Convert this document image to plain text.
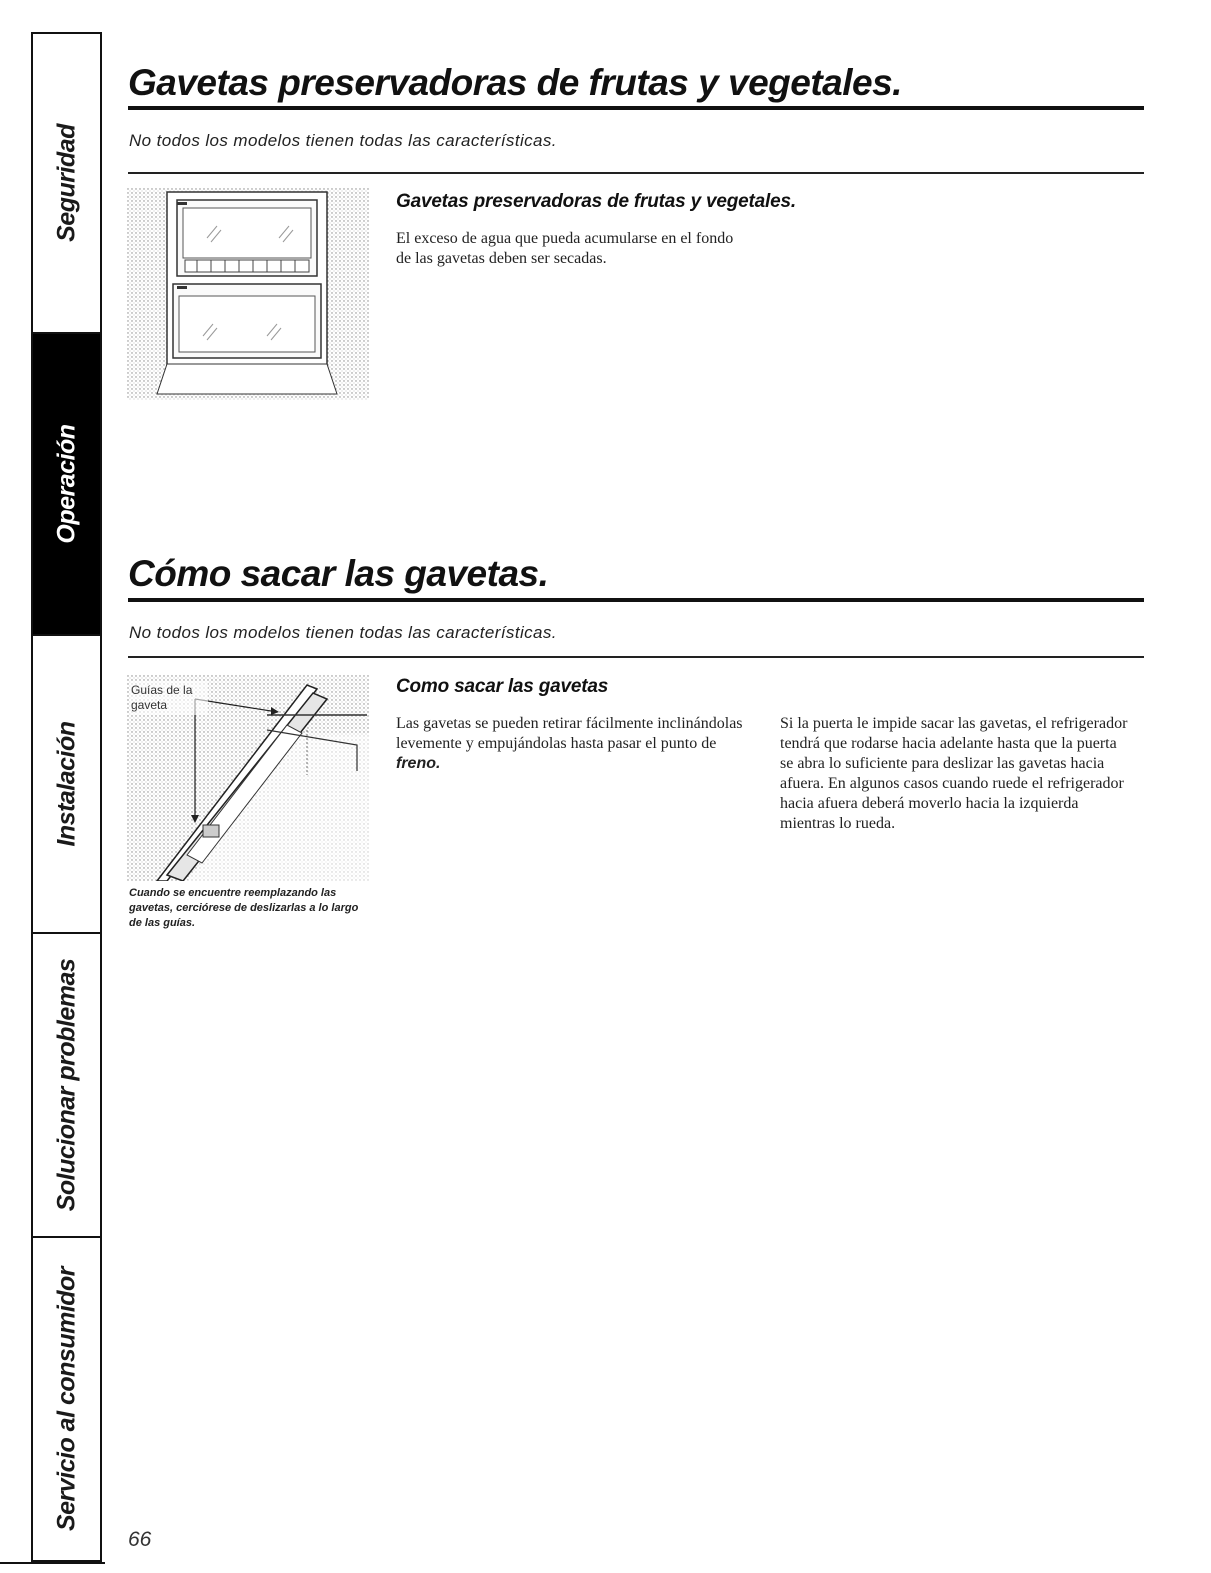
Seguridad
Operación
Instalación
Solucionar problemas
Servicio al consumidor
Gavetas preservadoras de frutas y vegetales.
No todos los modelos tienen todas las características.
Gavetas preservadoras de frutas y vegetales.
El exceso de agua que pueda acumularse en el fondo de las gavetas deben ser secadas.
Cómo sacar las gavetas.
No todos los modelos tienen todas las características.
Guías de la
gaveta
Cuando se encuentre reemplazando las gavetas, cerciórese de deslizarlas a lo largo de las guías.
Como sacar las gavetas
Las gavetas se pueden retirar fácilmente inclinándolas levemente y empujándolas hasta pasar el punto de freno.
Si la puerta le impide sacar las gavetas, el refrigerador tendrá que rodarse hacia adelante hasta que la puerta se abra lo suficiente para deslizar las gavetas hacia afuera. En algunos casos cuando ruede el refrigerador hacia afuera deberá moverlo hacia la izquierda mientras lo rueda.
66
